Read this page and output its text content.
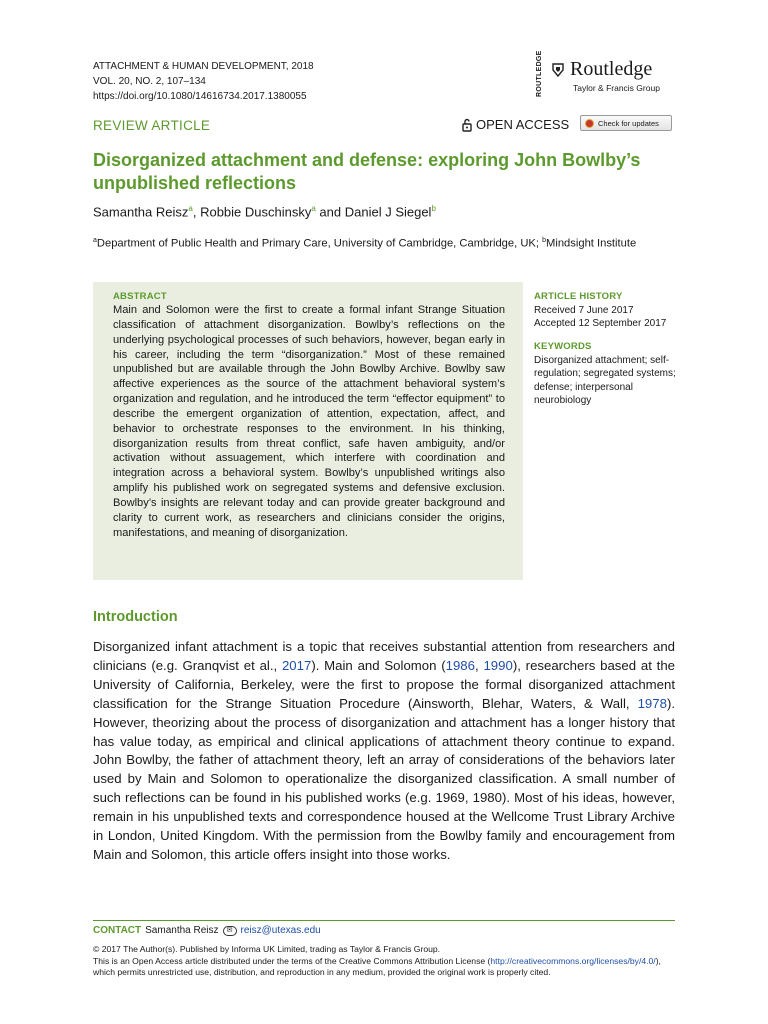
ATTACHMENT & HUMAN DEVELOPMENT, 2018
VOL. 20, NO. 2, 107–134
https://doi.org/10.1080/14616734.2017.1380055	ROUTLEDGE Routledge
Taylor & Francis Group
REVIEW ARTICLE	OPEN ACCESS	Check for updates
Disorganized attachment and defense: exploring John Bowlby’s unpublished reflections
Samantha Reisz$^a$, Robbie Duschinsky$^a$ and Daniel J Siegel$^b$
$^a$Department of Public Health and Primary Care, University of Cambridge, Cambridge, UK; $^b$Mindsight Institute
ABSTRACT
Main and Solomon were the first to create a formal infant Strange Situation classification of attachment disorganization. Bowlby’s reflections on the underlying psychological processes of such behaviors, however, began early in his career, including the term “disorganization.” Most of these remained unpublished but are available through the John Bowlby Archive. Bowlby saw affective experiences as the source of the attachment behavioral system’s organization and regulation, and he introduced the term “effector equipment” to describe the emergent organization of attention, expectation, affect, and behavior to orchestrate responses to the environment. In his thinking, disorganization results from threat conflict, safe haven ambiguity, and/or activation without assuagement, which interfere with coordination and integration across a behavioral system. Bowlby’s unpublished writings also amplify his published work on segregated systems and defensive exclusion. Bowlby’s insights are relevant today and can provide greater background and clarity to current work, as researchers and clinicians consider the origins, manifestations, and meaning of disorganization.
ARTICLE HISTORY
Received 7 June 2017
Accepted 12 September 2017
KEYWORDS
Disorganized attachment; self-regulation; segregated systems; defense; interpersonal neurobiology
Introduction
Disorganized infant attachment is a topic that receives substantial attention from researchers and clinicians (e.g. Granqvist et al., 2017). Main and Solomon (1986, 1990), researchers based at the University of California, Berkeley, were the first to propose the formal disorganized attachment classification for the Strange Situation Procedure (Ainsworth, Blehar, Waters, & Wall, 1978). However, theorizing about the process of disorganization and attachment has a longer history that has value today, as empirical and clinical applications of attachment theory continue to expand. John Bowlby, the father of attachment theory, left an array of considerations of the behaviors later used by Main and Solomon to operationalize the disorganized classification. A small number of such reflections can be found in his published works (e.g. 1969, 1980). Most of his ideas, however, remain in his unpublished texts and correspondence housed at the Wellcome Trust Library Archive in London, United Kingdom. With the permission from the Bowlby family and encouragement from Main and Solomon, this article offers insight into those works.
CONTACT Samantha Reisz	✉ reisz@utexas.edu

© 2017 The Author(s). Published by Informa UK Limited, trading as Taylor & Francis Group.

This is an Open Access article distributed under the terms of the Creative Commons Attribution License (http://creativecommons.org/licenses/by/4.0/), which permits unrestricted use, distribution, and reproduction in any medium, provided the original work is properly cited.
